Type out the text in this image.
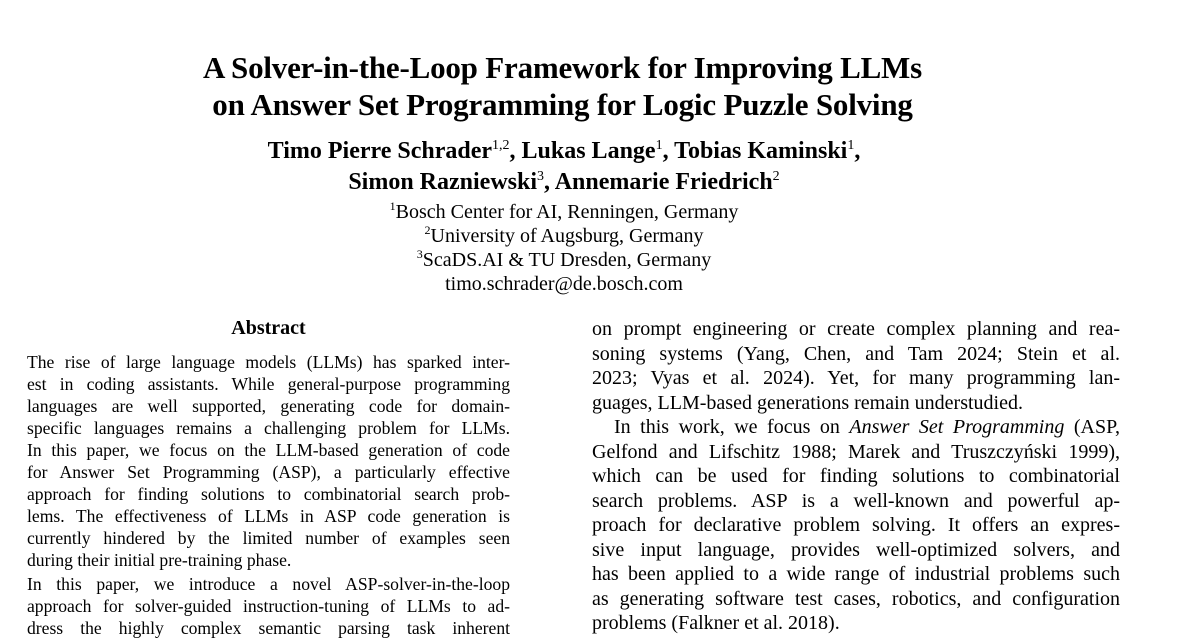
A Solver-in-the-Loop Framework for Improving LLMs
on Answer Set Programming for Logic Puzzle Solving
Timo Pierre Schrader$^{1,2}$, Lukas Lange$^1$, Tobias Kaminski$^1$,
Simon Razniewski$^3$, Annemarie Friedrich$^2$
$^1$Bosch Center for AI, Renningen, Germany
$^2$University of Augsburg, Germany
$^3$ScaDS.AI & TU Dresden, Germany
timo.schrader@de.bosch.com
Abstract
The rise of large language models (LLMs) has sparked inter-
est in coding assistants. While general-purpose programming
languages are well supported, generating code for domain-
specific languages remains a challenging problem for LLMs.
In this paper, we focus on the LLM-based generation of code
for Answer Set Programming (ASP), a particularly effective
approach for finding solutions to combinatorial search prob-
lems. The effectiveness of LLMs in ASP code generation is
currently hindered by the limited number of examples seen
during their initial pre-training phase.
In this paper, we introduce a novel ASP-solver-in-the-loop
approach for solver-guided instruction-tuning of LLMs to ad-
dress the highly complex semantic parsing task inherent
on prompt engineering or create complex planning and rea-
soning systems (Yang, Chen, and Tam 2024; Stein et al.
2023; Vyas et al. 2024). Yet, for many programming lan-
guages, LLM-based generations remain understudied.
In this work, we focus on Answer Set Programming (ASP,
Gelfond and Lifschitz 1988; Marek and Truszczyński 1999),
which can be used for finding solutions to combinatorial
search problems. ASP is a well-known and powerful ap-
proach for declarative problem solving. It offers an expres-
sive input language, provides well-optimized solvers, and
has been applied to a wide range of industrial problems such
as generating software test cases, robotics, and configuration
problems (Falkner et al. 2018).
